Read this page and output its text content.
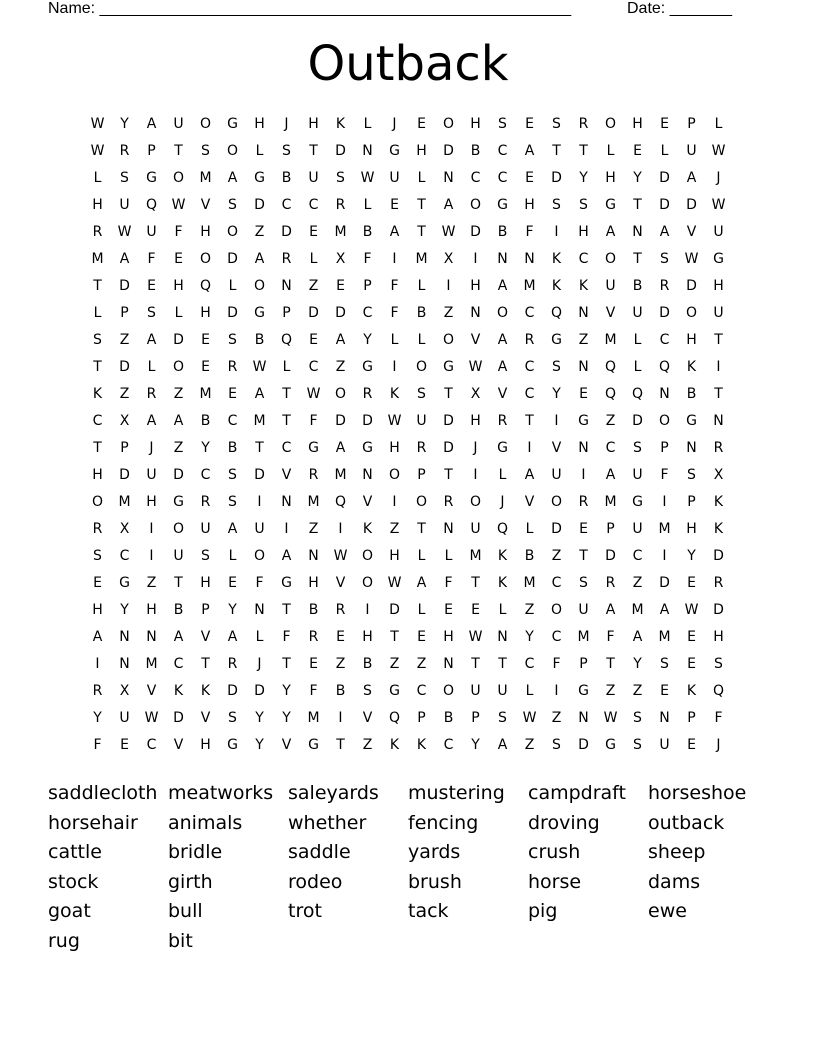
Name: _____________________________________________________	Date: _______
Outback
W	Y	A	U	O	G	H	J	H	K	L	J	E	O	H	S	E	S	R	O	H	E	P	L
W	R	P	T	S	O	L	S	T	D	N	G	H	D	B	C	A	T	T	L	E	L	U	W
L	S	G	O	M	A	G	B	U	S	W	U	L	N	C	C	E	D	Y	H	Y	D	A	J
H	U	Q	W	V	S	D	C	C	R	L	E	T	A	O	G	H	S	S	G	T	D	D	W
R	W	U	F	H	O	Z	D	E	M	B	A	T	W	D	B	F	I	H	A	N	A	V	U
M	A	F	E	O	D	A	R	L	X	F	I	M	X	I	N	N	K	C	O	T	S	W	G
T	D	E	H	Q	L	O	N	Z	E	P	F	L	I	H	A	M	K	K	U	B	R	D	H
L	P	S	L	H	D	G	P	D	D	C	F	B	Z	N	O	C	Q	N	V	U	D	O	U
S	Z	A	D	E	S	B	Q	E	A	Y	L	L	O	V	A	R	G	Z	M	L	C	H	T
T	D	L	O	E	R	W	L	C	Z	G	I	O	G	W	A	C	S	N	Q	L	Q	K	I
K	Z	R	Z	M	E	A	T	W	O	R	K	S	T	X	V	C	Y	E	Q	Q	N	B	T
C	X	A	A	B	C	M	T	F	D	D	W	U	D	H	R	T	I	G	Z	D	O	G	N
T	P	J	Z	Y	B	T	C	G	A	G	H	R	D	J	G	I	V	N	C	S	P	N	R
H	D	U	D	C	S	D	V	R	M	N	O	P	T	I	L	A	U	I	A	U	F	S	X
O	M	H	G	R	S	I	N	M	Q	V	I	O	R	O	J	V	O	R	M	G	I	P	K
R	X	I	O	U	A	U	I	Z	I	K	Z	T	N	U	Q	L	D	E	P	U	M	H	K
S	C	I	U	S	L	O	A	N	W	O	H	L	L	M	K	B	Z	T	D	C	I	Y	D
E	G	Z	T	H	E	F	G	H	V	O	W	A	F	T	K	M	C	S	R	Z	D	E	R
H	Y	H	B	P	Y	N	T	B	R	I	D	L	E	E	L	Z	O	U	A	M	A	W	D
A	N	N	A	V	A	L	F	R	E	H	T	E	H	W	N	Y	C	M	F	A	M	E	H
I	N	M	C	T	R	J	T	E	Z	B	Z	Z	N	T	T	C	F	P	T	Y	S	E	S
R	X	V	K	K	D	D	Y	F	B	S	G	C	O	U	U	L	I	G	Z	Z	E	K	Q
Y	U	W	D	V	S	Y	Y	M	I	V	Q	P	B	P	S	W	Z	N	W	S	N	P	F
F	E	C	V	H	G	Y	V	G	T	Z	K	K	C	Y	A	Z	S	D	G	S	U	E	J
saddlecloth meatworks saleyards	mustering	campdraft	horseshoe
horsehair	animals	whether	fencing	droving	outback
cattle	bridle	saddle	yards	crush	sheep
stock	girth	rodeo	brush	horse	dams
goat	bull	trot	tack	pig	ewe
rug	bit
